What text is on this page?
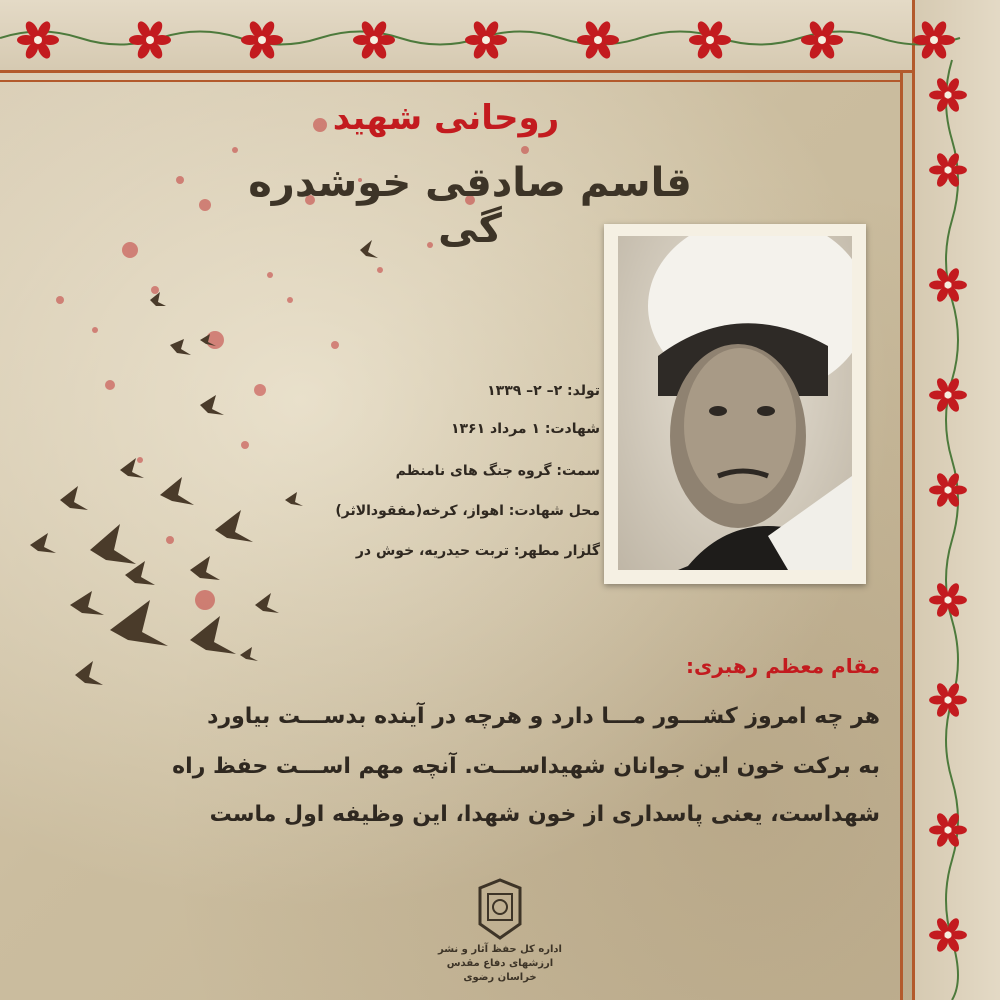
روحانی شهید
قاسم صادقی خوشدره گی
تولد: ۲– ۲– ۱۳۳۹
شهادت: ۱ مرداد ۱۳۶۱
سمت: گروه جنگ های نامنظم
محل شهادت: اهواز، کرخه(مفقودالاثر)
گلزار مطهر: تربت حیدریه، خوش در
مقام معظم رهبری:
هر چه امروز کشـــور مـــا دارد و هرچه در آینده بدســـت بیاورد
به برکت خون این جوانان شهیداســـت. آنچه مهم اســـت حفظ راه
شهداست، یعنی پاسداری از خون شهدا، این وظیفه اول ماست
اداره کل حفظ آثار و نشر
ارزشهای دفاع مقدس
خراسان رضوی
